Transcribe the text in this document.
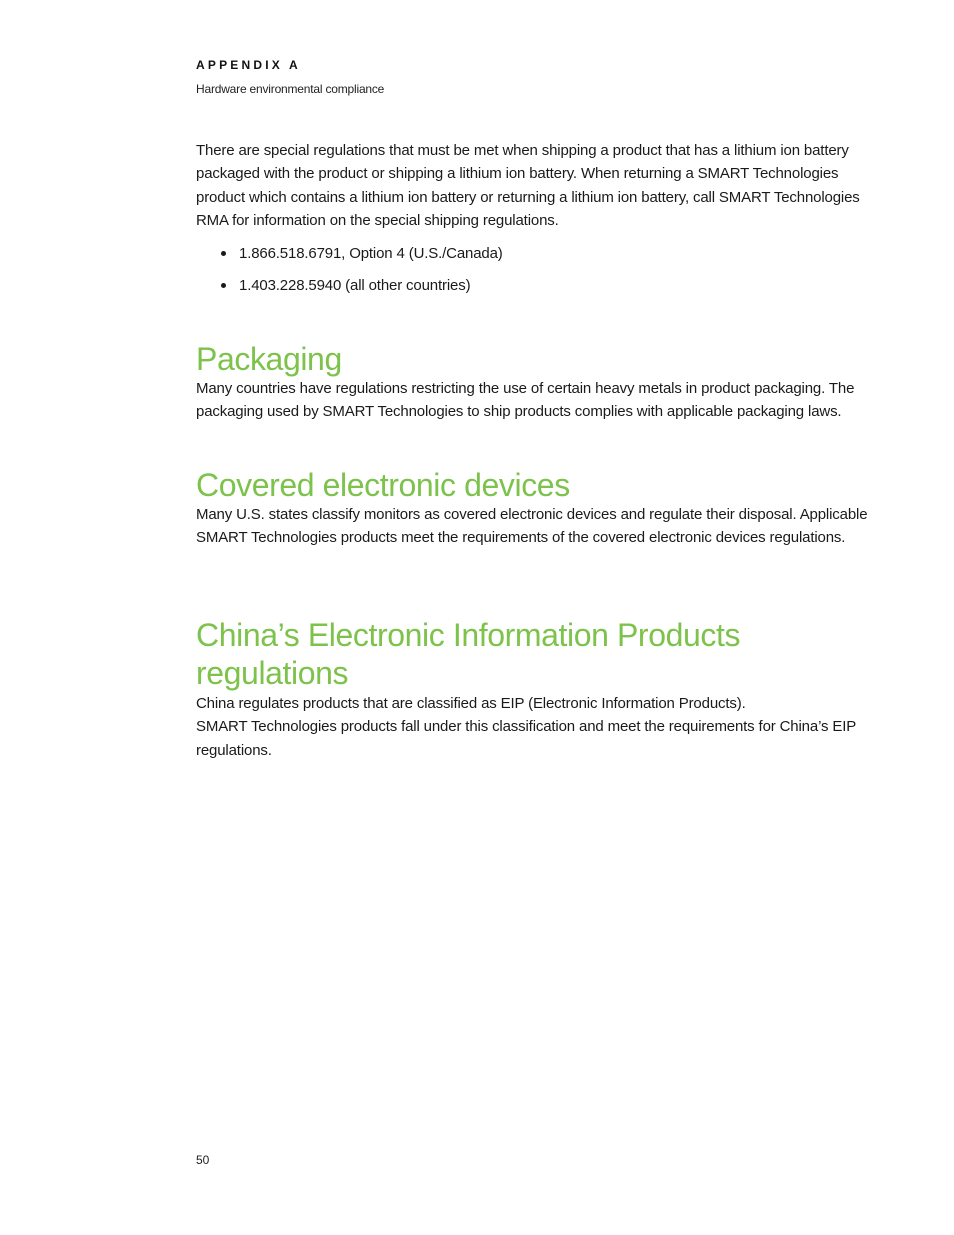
APPENDIX A
Hardware environmental compliance

There are special regulations that must be met when shipping a product that has a lithium ion battery packaged with the product or shipping a lithium ion battery. When returning a SMART Technologies product which contains a lithium ion battery or returning a lithium ion battery, call SMART Technologies RMA for information on the special shipping regulations.

1.866.518.6791, Option 4 (U.S./Canada)
1.403.228.5940 (all other countries)
Packaging

Many countries have regulations restricting the use of certain heavy metals in product packaging. The packaging used by SMART Technologies to ship products complies with applicable packaging laws.

Covered electronic devices

Many U.S. states classify monitors as covered electronic devices and regulate their disposal. Applicable SMART Technologies products meet the requirements of the covered electronic devices regulations.

China’s Electronic Information Products regulations

China regulates products that are classified as EIP (Electronic Information Products).

SMART Technologies products fall under this classification and meet the requirements for China’s EIP regulations.

50
